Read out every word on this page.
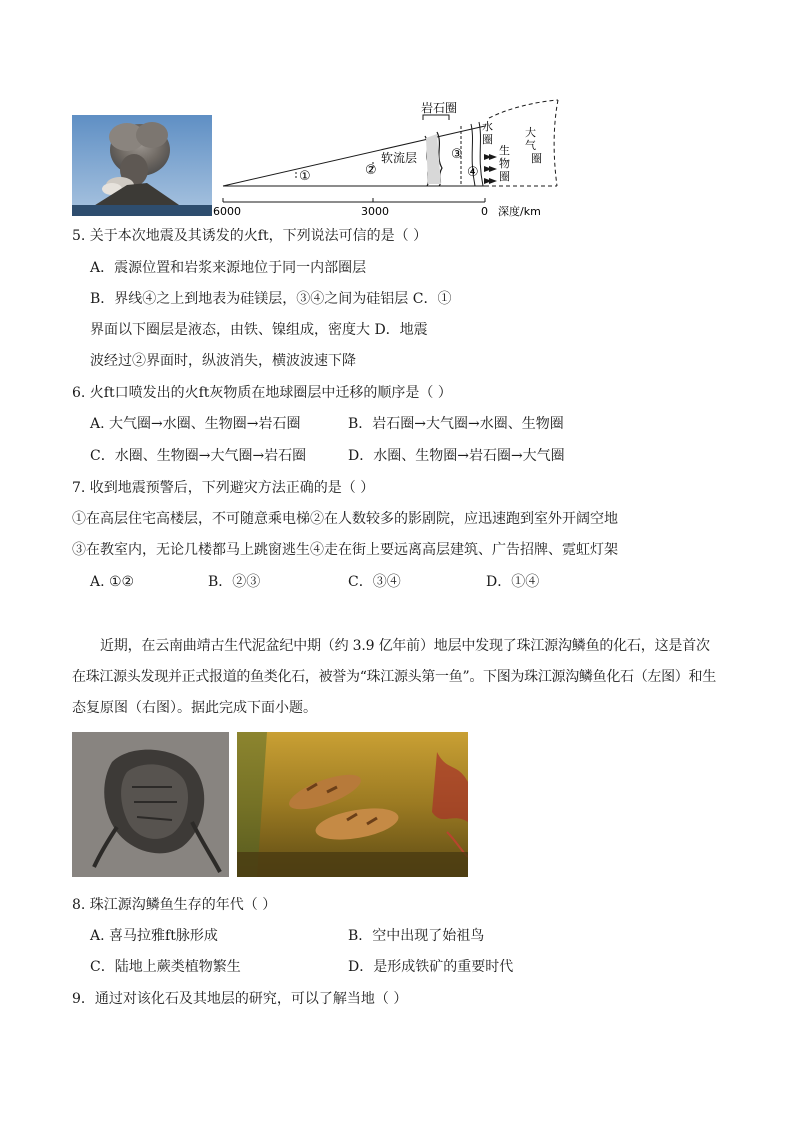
岩石圈
软流层
水
圈
生
物
圈
大
气
圈
①	②
③
④
6000	3000	0 深度/km
5. 关于本次地震及其诱发的火ft，下列说法可信的是（ ）
A．震源位置和岩浆来源地位于同一内部圈层
B．界线④之上到地表为硅镁层，③④之间为硅铝层 C．①
界面以下圈层是液态，由铁、镍组成，密度大 D．地震
波经过②界面时，纵波消失，横波波速下降
6. 火ft口喷发出的火ft灰物质在地球圈层中迁移的顺序是（ ）
A. 大气圈→水圈、生物圈→岩石圈	B．岩石圈→大气圈→水圈、生物圈
C．水圈、生物圈→大气圈→岩石圈	D．水圈、生物圈→岩石圈→大气圈
7. 收到地震预警后，下列避灾方法正确的是（ ）
①在高层住宅高楼层，不可随意乘电梯②在人数较多的影剧院，应迅速跑到室外开阔空地
③在教室内，无论几楼都马上跳窗逃生④走在街上要远离高层建筑、广告招牌、霓虹灯架
A. ①②	B．②③	C．③④	D．①④
近期，在云南曲靖古生代泥盆纪中期（约 3.9 亿年前）地层中发现了珠江源沟鳞鱼的化石，这是首次
在珠江源头发现并正式报道的鱼类化石，被誉为“珠江源头第一鱼”。下图为珠江源沟鳞鱼化石（左图）和生
态复原图（右图）。据此完成下面小题。
8. 珠江源沟鳞鱼生存的年代（ ）
A. 喜马拉雅ft脉形成	B．空中出现了始祖鸟
C．陆地上蕨类植物繁生	D．是形成铁矿的重要时代
9．通过对该化石及其地层的研究，可以了解当地（ ）
